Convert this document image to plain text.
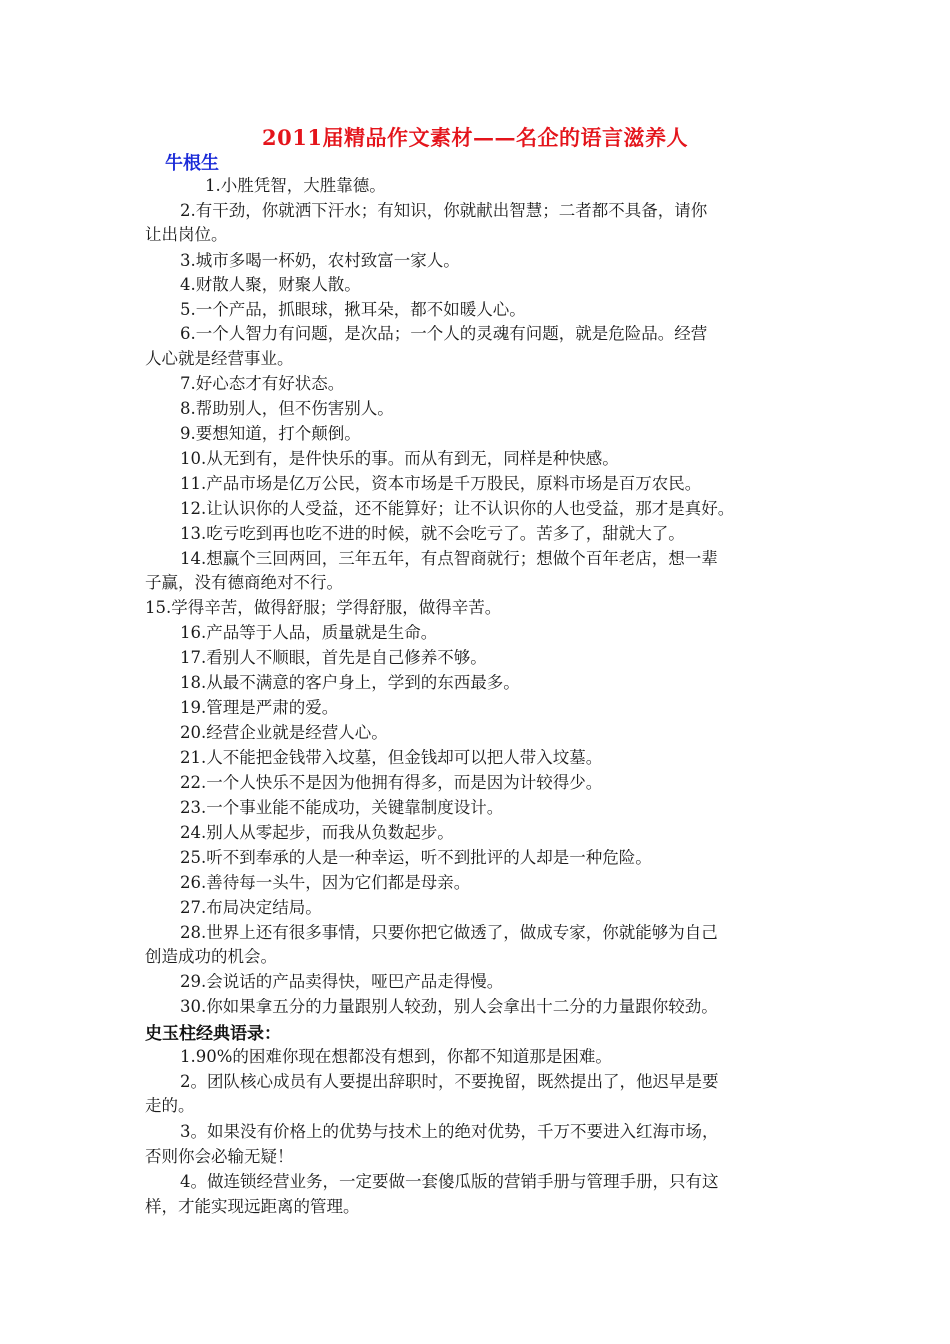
2011届精品作文素材——名企的语言滋养人
牛根生
史玉柱经典语录：
1.小胜凭智，大胜靠德。
2.有干劲，你就洒下汗水；有知识，你就献出智慧；二者都不具备，请你
让出岗位。
3.城市多喝一杯奶，农村致富一家人。
4.财散人聚，财聚人散。
5.一个产品，抓眼球，揪耳朵，都不如暖人心。
6.一个人智力有问题，是次品；一个人的灵魂有问题，就是危险品。经营
人心就是经营事业。
7.好心态才有好状态。
8.帮助别人，但不伤害别人。
9.要想知道，打个颠倒。
10.从无到有，是件快乐的事。而从有到无，同样是种快感。
11.产品市场是亿万公民，资本市场是千万股民，原料市场是百万农民。
12.让认识你的人受益，还不能算好；让不认识你的人也受益，那才是真好。
13.吃亏吃到再也吃不进的时候，就不会吃亏了。苦多了，甜就大了。
14.想赢个三回两回，三年五年，有点智商就行；想做个百年老店，想一辈
子赢，没有德商绝对不行。
15.学得辛苦，做得舒服；学得舒服，做得辛苦。
16.产品等于人品，质量就是生命。
17.看别人不顺眼，首先是自己修养不够。
18.从最不满意的客户身上，学到的东西最多。
19.管理是严肃的爱。
20.经营企业就是经营人心。
21.人不能把金钱带入坟墓，但金钱却可以把人带入坟墓。
22.一个人快乐不是因为他拥有得多，而是因为计较得少。
23.一个事业能不能成功，关键靠制度设计。
24.别人从零起步，而我从负数起步。
25.听不到奉承的人是一种幸运，听不到批评的人却是一种危险。
26.善待每一头牛，因为它们都是母亲。
27.布局决定结局。
28.世界上还有很多事情，只要你把它做透了，做成专家，你就能够为自己
创造成功的机会。
29.会说话的产品卖得快，哑巴产品走得慢。
30.你如果拿五分的力量跟别人较劲，别人会拿出十二分的力量跟你较劲。
1.90%的困难你现在想都没有想到，你都不知道那是困难。
2。团队核心成员有人要提出辞职时，不要挽留，既然提出了，他迟早是要
走的。
3。如果没有价格上的优势与技术上的绝对优势，千万不要进入红海市场，
否则你会必输无疑！
4。做连锁经营业务，一定要做一套傻瓜版的营销手册与管理手册，只有这
样，才能实现远距离的管理。
